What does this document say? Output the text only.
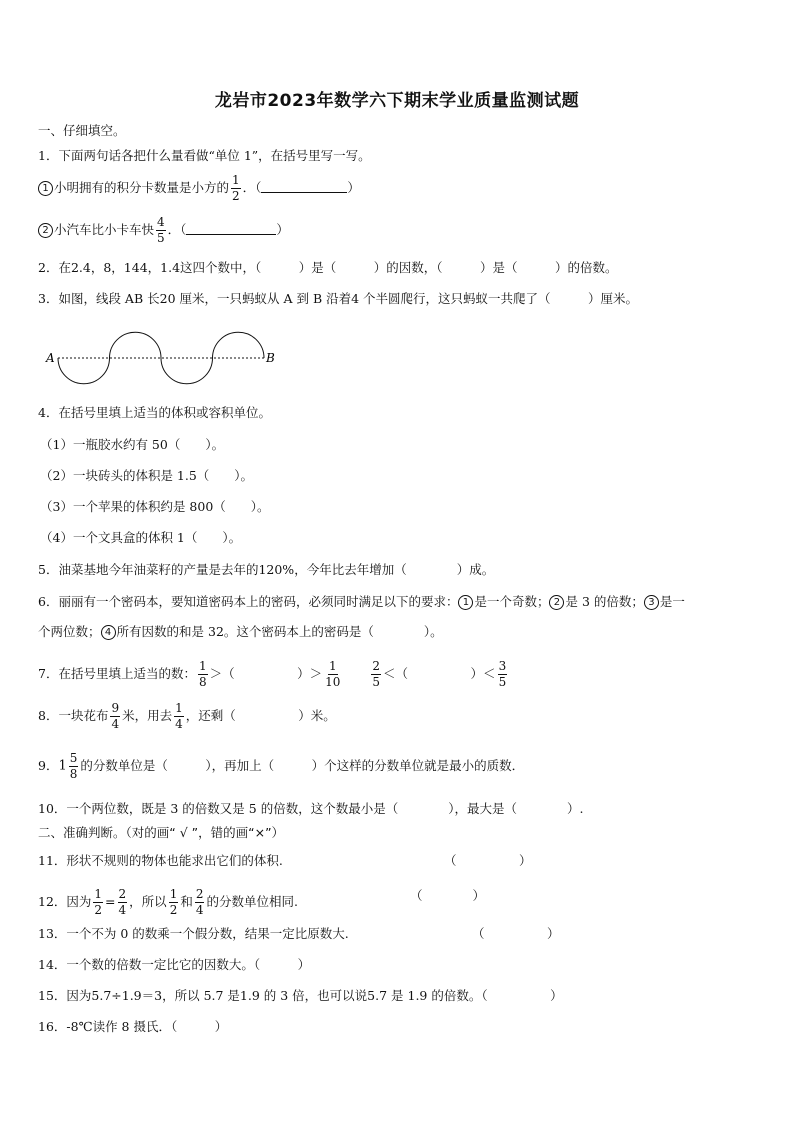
龙岩市2023年数学六下期末学业质量监测试题
一、仔细填空。
1．下面两句话各把什么量看做“单位 1”，在括号里写一写。
1 小明拥有的积分卡数量是小方的 $\frac{1}{2}$ ．（	）
2 小汽车比小卡车快 $\frac{4}{5}$ ．（	）
2．在2.4，8，144，1.4这四个数中，（　　　）是（　　　）的因数，（　　　）是（　　　）的倍数。
3．如图，线段 AB 长20 厘米，一只蚂蚁从 A 到 B 沿着4 个半圆爬行，这只蚂蚁一共爬了（　　　）厘米。
A	B
4．在括号里填上适当的体积或容积单位。
（1）一瓶胶水约有 50（　　）。
（2）一块砖头的体积是 1.5（　　）。
（3）一个苹果的体积约是 800（　　）。
（4）一个文具盒的体积 1（　　）。
5．油菜基地今年油菜籽的产量是去年的120%，今年比去年增加（　　　　）成。
6．丽丽有一个密码本，要知道密码本上的密码，必须同时满足以下的要求： 1 是一个奇数； 2 是 3 的倍数； 3 是一
个两位数； 4 所有因数的和是 32。这个密码本上的密码是（　　　　）。
7．在括号里填上适当的数： $\frac{1}{8}$ ＞（　　　　　）＞ $\frac{1}{10}$	$\frac{2}{5}$ ＜（　　　　　）＜ $\frac{3}{5}$
8．一块花布 $\frac{9}{4}$ 米，用去 $\frac{1}{4}$ ，还剩（　　　　　）米。
9．$1 \frac{5}{8}$ 的分数单位是（　　　），再加上（　　　）个这样的分数单位就是最小的质数．
10．一个两位数，既是 3 的倍数又是 5 的倍数，这个数最小是（　　　　），最大是（　　　　）.
二、准确判断。（对的画“ √ ”，错的画“×”）
11．形状不规则的物体也能求出它们的体积.	（　　　　　）
12．因为 $\frac{1}{2} = \frac{2}{4}$ ，所以 $\frac{1}{2}$ 和 $\frac{2}{4}$ 的分数单位相同.	（　　　　）
13．一个不为 0 的数乘一个假分数，结果一定比原数大.	（　　　　　）
14．一个数的倍数一定比它的因数大。（　　　）
15．因为5.7÷1.9＝3，所以 5.7 是1.9 的 3 倍，也可以说5.7 是 1.9 的倍数。（　　　　　）
16．-8℃读作 8 摄氏．（　　　）
